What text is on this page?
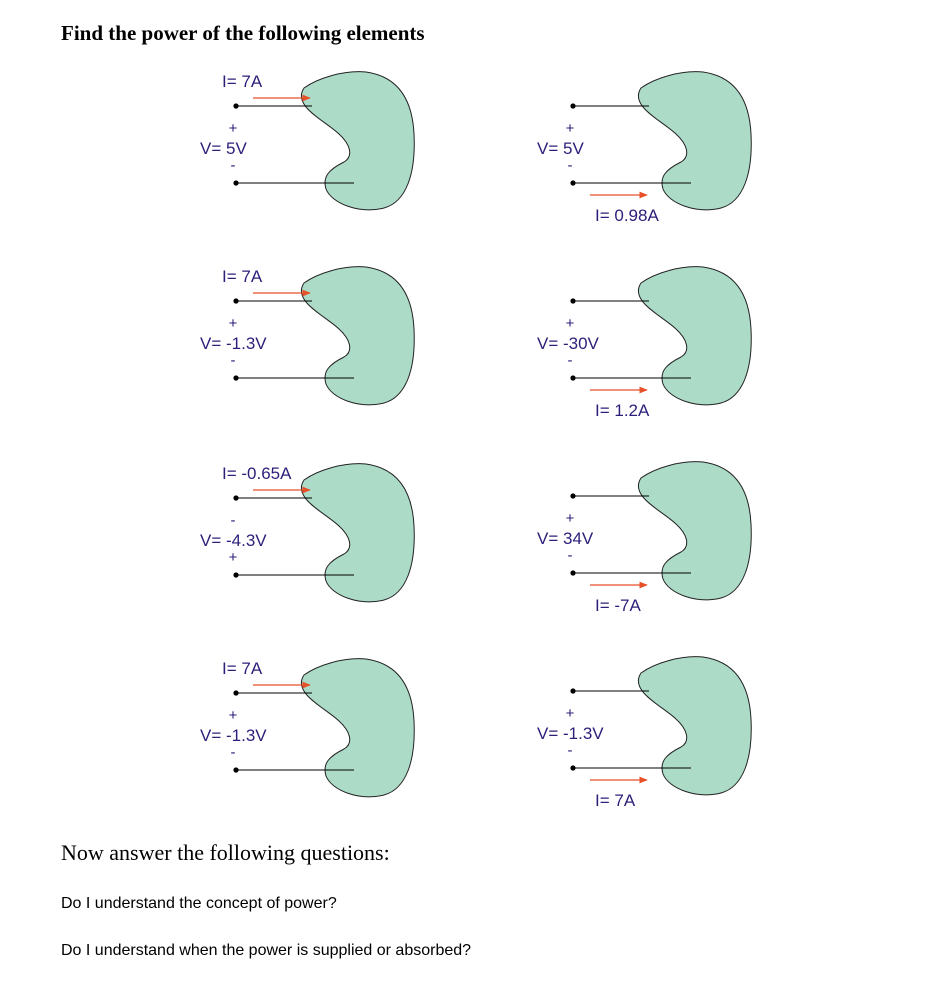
Find the power of the following elements
I= 7A
+
-
V= 5V
I= 0.98A
+
-
V= 5V
I= 7A
+
-
V= -1.3V
I= 1.2A
+
-
V= -30V
I= -0.65A
-
+
V= -4.3V
I= -7A
+
-
V= 34V
I= 7A
+
-
V= -1.3V
I= 7A
+
-
V= -1.3V
Now answer the following questions:

Do I understand the concept of power?

Do I understand when the power is supplied or absorbed?
